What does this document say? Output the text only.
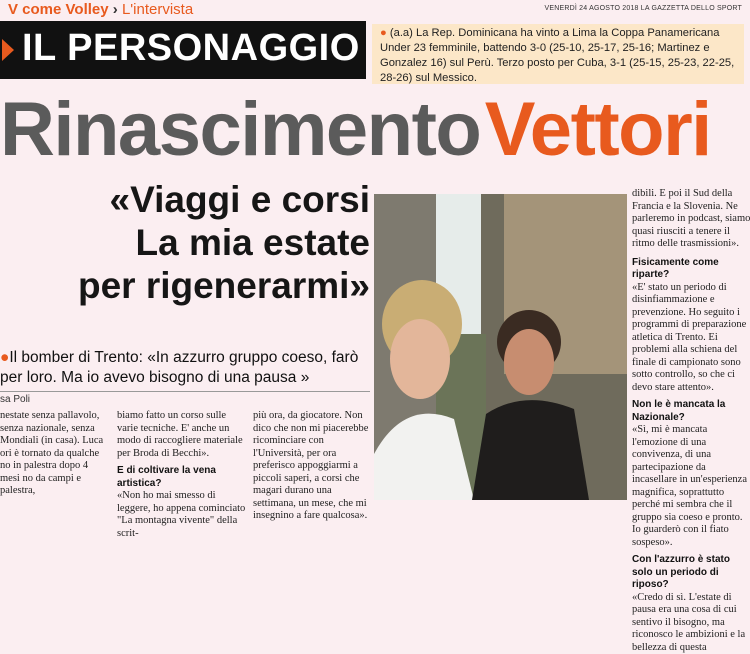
V come Volley › L'intervista	VENERDÌ 24 AGOSTO 2018 LA GAZZETTA DELLO SPORT
IL PERSONAGGIO	● (a.a) La Rep. Dominicana ha vinto a Lima la Coppa Panamericana Under 23 femminile, battendo 3-0 (25-10, 25-17, 25-16; Martinez e Gonzalez 16) sul Perù. Terzo posto per Cuba, 3-1 (25-15, 25-23, 22-25, 28-26) sul Messico.
Rinascimento Vettori
«Viaggi e corsi
La mia estate
per rigenerarmi»
●Il bomber di Trento: «In azzurro gruppo coeso, farò per loro. Ma io avevo bisogno di una pausa »
sa Poli
nestate senza pallavolo, senza nazionale, senza Mondiali (in casa). Luca ori è tornato da qualche no in palestra dopo 4 mesi no da campi e palestra,
biamo fatto un corso sulle varie tecniche. E' anche un modo di raccogliere materiale per Broda di Becchi».
E di coltivare la vena artistica?
«Non ho mai smesso di leggere, ho appena cominciato "La montagna vivente" della scrit-
più ora, da giocatore. Non dico che non mi piacerebbe ricominciare con l'Università, per ora preferisco appoggiarmi a piccoli saperi, a corsi che magari durano una settimana, un mese, che mi insegnino a fare qualcosa».
dibili. E poi il Sud della Francia e la Slovenia. Ne parleremo in podcast, siamo quasi riusciti a tenere il ritmo delle trasmissioni».
Fisicamente come riparte?
«E' stato un periodo di disinfiammazione e prevenzione. Ho seguito i programmi di preparazione atletica di Trento. Ei problemi alla schiena del finale di campionato sono sotto controllo, so che ci devo stare attento».
Non le è mancata la Nazionale?
«Sì, mi è mancata l'emozione di una convivenza, di una partecipazione da incasellare in un'esperienza magnifica, soprattutto perché mi sembra che il gruppo sia coeso e pronto. Io guarderò con il fiato sospeso».
Con l'azzurro è stato solo un periodo di riposo?
«Credo di sì. L'estate di pausa era una cosa di cui sentivo il bisogno, ma riconosco le ambizioni e la bellezza di questa
